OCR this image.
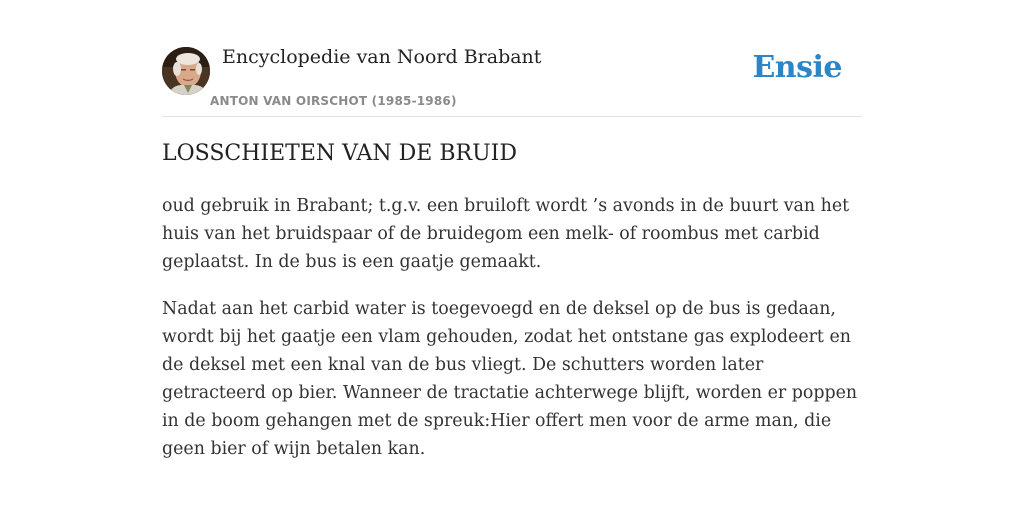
Encyclopedie van Noord Brabant
ANTON VAN OIRSCHOT (1985-1986)
Ensie
LOSSCHIETEN VAN DE BRUID

oud gebruik in Brabant; t.g.v. een bruiloft wordt ’s avonds in de buurt van het huis van het bruidspaar of de bruidegom een melk- of roombus met carbid geplaatst. In de bus is een gaatje gemaakt.

Nadat aan het carbid water is toegevoegd en de deksel op de bus is gedaan, wordt bij het gaatje een vlam gehouden, zodat het ontstane gas explodeert en de deksel met een knal van de bus vliegt. De schutters worden later getracteerd op bier. Wanneer de tractatie achterwege blijft, worden er poppen in de boom gehangen met de spreuk:Hier offert men voor de arme man, die geen bier of wijn betalen kan.
